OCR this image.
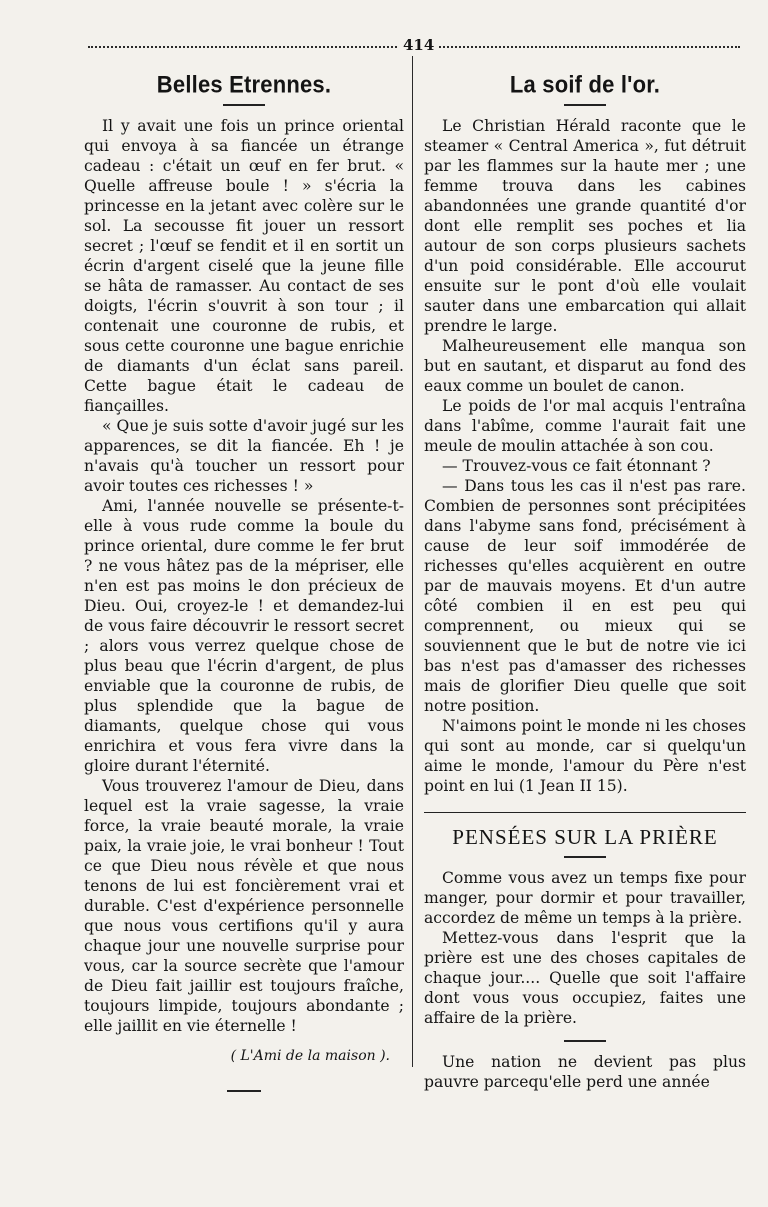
414
Belles Etrennes.

Il y avait une fois un prince oriental qui envoya à sa fiancée un étrange cadeau : c'était un œuf en fer brut. « Quelle affreuse boule ! » s'écria la princesse en la jetant avec colère sur le sol. La secousse fit jouer un ressort secret ; l'œuf se fendit et il en sortit un écrin d'argent ciselé que la jeune fille se hâta de ramasser. Au contact de ses doigts, l'écrin s'ouvrit à son tour ; il contenait une couronne de rubis, et sous cette couronne une bague enrichie de diamants d'un éclat sans pareil. Cette bague était le cadeau de fiançailles.

« Que je suis sotte d'avoir jugé sur les apparences, se dit la fiancée. Eh ! je n'avais qu'à toucher un ressort pour avoir toutes ces richesses ! »

Ami, l'année nouvelle se présente-t-elle à vous rude comme la boule du prince oriental, dure comme le fer brut ? ne vous hâtez pas de la mépriser, elle n'en est pas moins le don précieux de Dieu. Oui, croyez-le ! et demandez-lui de vous faire découvrir le ressort secret ; alors vous verrez quelque chose de plus beau que l'écrin d'argent, de plus enviable que la couronne de rubis, de plus splendide que la bague de diamants, quelque chose qui vous enrichira et vous fera vivre dans la gloire durant l'éternité.

Vous trouverez l'amour de Dieu, dans lequel est la vraie sagesse, la vraie force, la vraie beauté morale, la vraie paix, la vraie joie, le vrai bonheur ! Tout ce que Dieu nous révèle et que nous tenons de lui est foncièrement vrai et durable. C'est d'expérience personnelle que nous vous certifions qu'il y aura chaque jour une nouvelle surprise pour vous, car la source secrète que l'amour de Dieu fait jaillir est toujours fraîche, toujours limpide, toujours abondante ; elle jaillit en vie éternelle !

( L'Ami de la maison ).
La soif de l'or.

Le Christian Hérald raconte que le steamer « Central America », fut détruit par les flammes sur la haute mer ; une femme trouva dans les cabines abandonnées une grande quantité d'or dont elle remplit ses poches et lia autour de son corps plusieurs sachets d'un poid considérable. Elle accourut ensuite sur le pont d'où elle voulait sauter dans une embarcation qui allait prendre le large.

Malheureusement elle manqua son but en sautant, et disparut au fond des eaux comme un boulet de canon.

Le poids de l'or mal acquis l'entraîna dans l'abîme, comme l'aurait fait une meule de moulin attachée à son cou.

— Trouvez-vous ce fait étonnant ?

— Dans tous les cas il n'est pas rare. Combien de personnes sont précipitées dans l'abyme sans fond, précisément à cause de leur soif immodérée de richesses qu'elles acquièrent en outre par de mauvais moyens. Et d'un autre côté combien il en est peu qui comprennent, ou mieux qui se souviennent que le but de notre vie ici bas n'est pas d'amasser des richesses mais de glorifier Dieu quelle que soit notre position.

N'aimons point le monde ni les choses qui sont au monde, car si quelqu'un aime le monde, l'amour du Père n'est point en lui (1 Jean II 15).

PENSÉES SUR LA PRIÈRE

Comme vous avez un temps fixe pour manger, pour dormir et pour travailler, accordez de même un temps à la prière.

Mettez-vous dans l'esprit que la prière est une des choses capitales de chaque jour.... Quelle que soit l'affaire dont vous vous occupiez, faites une affaire de la prière.

Une nation ne devient pas plus pauvre parcequ'elle perd une année
